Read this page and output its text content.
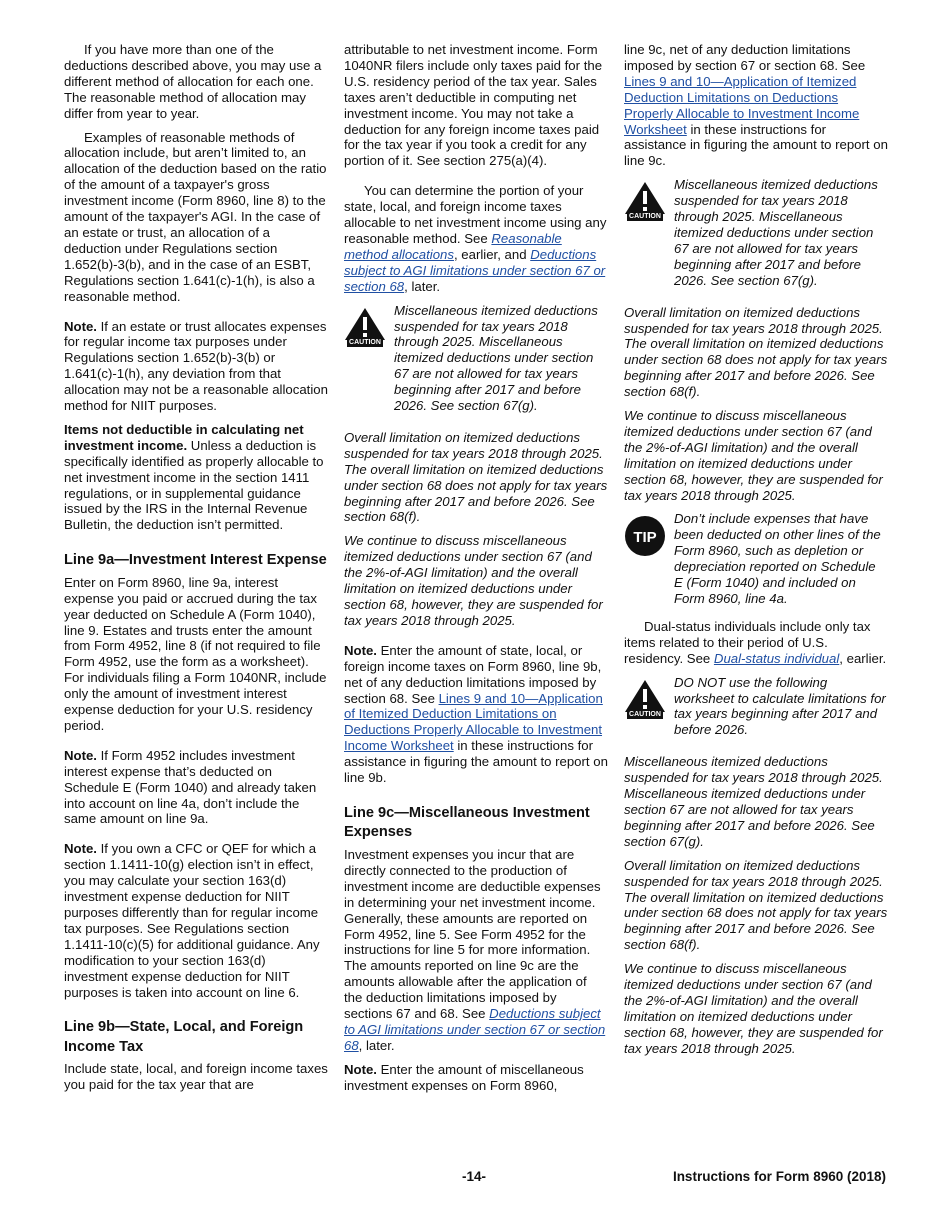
If you have more than one of the deductions described above, you may use a different method of allocation for each one. The reasonable method of allocation may differ from year to year.

Examples of reasonable methods of allocation include, but aren’t limited to, an allocation of the deduction based on the ratio of the amount of a taxpayer's gross investment income (Form 8960, line 8) to the amount of the taxpayer's AGI. In the case of an estate or trust, an allocation of a deduction under Regulations section 1.652(b)-3(b), and in the case of an ESBT, Regulations section 1.641(c)-1(h), is also a reasonable method.

Note. If an estate or trust allocates expenses for regular income tax purposes under Regulations section 1.652(b)-3(b) or 1.641(c)-1(h), any deviation from that allocation may not be a reasonable allocation method for NIIT purposes.

Items not deductible in calculating net investment income. Unless a deduction is specifically identified as properly allocable to net investment income in the section 1411 regulations, or in supplemental guidance issued by the IRS in the Internal Revenue Bulletin, the deduction isn’t permitted.

Line 9a—Investment Interest Expense

Enter on Form 8960, line 9a, interest expense you paid or accrued during the tax year deducted on Schedule A (Form 1040), line 9. Estates and trusts enter the amount from Form 4952, line 8 (if not required to file Form 4952, use the form as a worksheet). For individuals filing a Form 1040NR, include only the amount of investment interest expense deduction for your U.S. residency period.

Note. If Form 4952 includes investment interest expense that’s deducted on Schedule E (Form 1040) and already taken into account on line 4a, don’t include the same amount on line 9a.

Note. If you own a CFC or QEF for which a section 1.1411-10(g) election isn’t in effect, you may calculate your section 163(d) investment expense deduction for NIIT purposes differently than for regular income tax purposes. See Regulations section 1.1411-10(c)(5) for additional guidance. Any modification to your section 163(d) investment expense deduction for NIIT purposes is taken into account on line 6.

Line 9b—State, Local, and Foreign Income Tax

Include state, local, and foreign income taxes you paid for the tax year that are

attributable to net investment income. Form 1040NR filers include only taxes paid for the U.S. residency period of the tax year. Sales taxes aren’t deductible in computing net investment income. You may not take a deduction for any foreign income taxes paid for the tax year if you took a credit for any portion of it. See section 275(a)(4).

You can determine the portion of your state, local, and foreign income taxes allocable to net investment income using any reasonable method. See Reasonable method allocations, earlier, and Deductions subject to AGI limitations under section 67 or section 68, later.

CAUTION
Miscellaneous itemized deductions suspended for tax years 2018 through 2025. Miscellaneous itemized deductions under section 67 are not allowed for tax years beginning after 2017 and before 2026. See section 67(g).

Overall limitation on itemized deductions suspended for tax years 2018 through 2025. The overall limitation on itemized deductions under section 68 does not apply for tax years beginning after 2017 and before 2026. See section 68(f).

We continue to discuss miscellaneous itemized deductions under section 67 (and the 2%-of-AGI limitation) and the overall limitation on itemized deductions under section 68, however, they are suspended for tax years 2018 through 2025.

Note. Enter the amount of state, local, or foreign income taxes on Form 8960, line 9b, net of any deduction limitations imposed by section 68. See Lines 9 and 10—Application of Itemized Deduction Limitations on Deductions Properly Allocable to Investment Income Worksheet in these instructions for assistance in figuring the amount to report on line 9b.

Line 9c—Miscellaneous Investment Expenses

Investment expenses you incur that are directly connected to the production of investment income are deductible expenses in determining your net investment income. Generally, these amounts are reported on Form 4952, line 5. See Form 4952 for the instructions for line 5 for more information. The amounts reported on line 9c are the amounts allowable after the application of the deduction limitations imposed by sections 67 and 68. See Deductions subject to AGI limitations under section 67 or section 68, later.

Note. Enter the amount of miscellaneous investment expenses on Form 8960,

line 9c, net of any deduction limitations imposed by section 67 or section 68. See Lines 9 and 10—Application of Itemized Deduction Limitations on Deductions Properly Allocable to Investment Income Worksheet in these instructions for assistance in figuring the amount to report on line 9c.

CAUTION
Miscellaneous itemized deductions suspended for tax years 2018 through 2025. Miscellaneous itemized deductions under section 67 are not allowed for tax years beginning after 2017 and before 2026. See section 67(g).

Overall limitation on itemized deductions suspended for tax years 2018 through 2025. The overall limitation on itemized deductions under section 68 does not apply for tax years beginning after 2017 and before 2026. See section 68(f).

We continue to discuss miscellaneous itemized deductions under section 67 (and the 2%-of-AGI limitation) and the overall limitation on itemized deductions under section 68, however, they are suspended for tax years 2018 through 2025.

TIP
Don’t include expenses that have been deducted on other lines of the Form 8960, such as depletion or depreciation reported on Schedule E (Form 1040) and included on Form 8960, line 4a.

Dual-status individuals include only tax items related to their period of U.S. residency. See Dual-status individual, earlier.

CAUTION
DO NOT use the following worksheet to calculate limitations for tax years beginning after 2017 and before 2026.

Miscellaneous itemized deductions suspended for tax years 2018 through 2025. Miscellaneous itemized deductions under section 67 are not allowed for tax years beginning after 2017 and before 2026. See section 67(g).

Overall limitation on itemized deductions suspended for tax years 2018 through 2025. The overall limitation on itemized deductions under section 68 does not apply for tax years beginning after 2017 and before 2026. See section 68(f).

We continue to discuss miscellaneous itemized deductions under section 67 (and the 2%-of-AGI limitation) and the overall limitation on itemized deductions under section 68, however, they are suspended for tax years 2018 through 2025.

-14-	Instructions for Form 8960 (2018)
